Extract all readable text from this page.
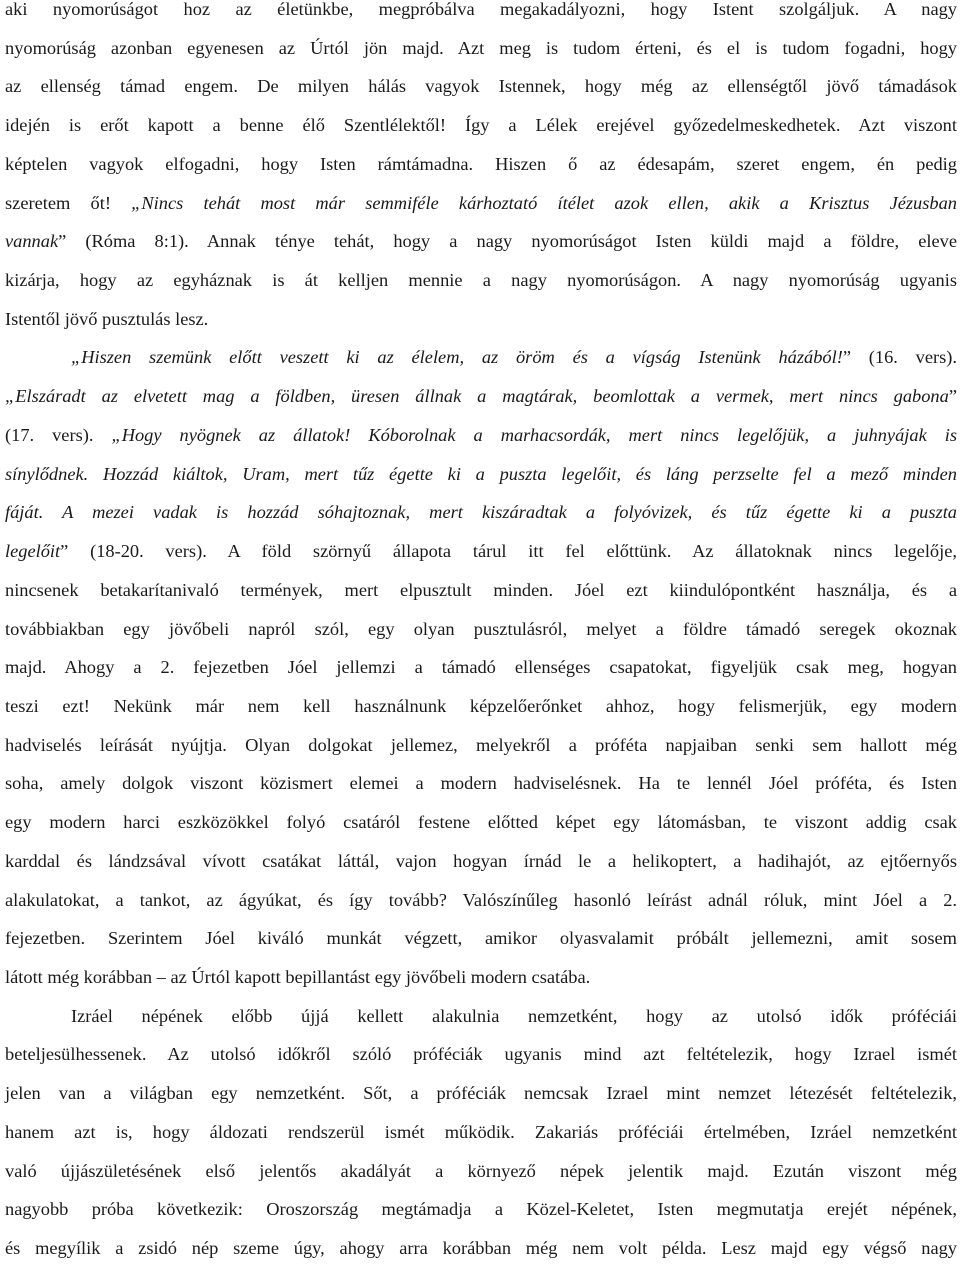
aki nyomorúságot hoz az életünkbe, megpróbálva megakadályozni, hogy Istent szolgáljuk. A nagy
nyomorúság azonban egyenesen az Úrtól jön majd. Azt meg is tudom érteni, és el is tudom fogadni, hogy
az ellenség támad engem. De milyen hálás vagyok Istennek, hogy még az ellenségtől jövő támadások
idején is erőt kapott a benne élő Szentlélektől! Így a Lélek erejével győzedelmeskedhetek. Azt viszont
képtelen vagyok elfogadni, hogy Isten rámtámadna. Hiszen ő az édesapám, szeret engem, én pedig
szeretem őt! „Nincs tehát most már semmiféle kárhoztató ítélet azok ellen, akik a Krisztus Jézusban
vannak” (Róma 8:1). Annak ténye tehát, hogy a nagy nyomorúságot Isten küldi majd a földre, eleve
kizárja, hogy az egyháznak is át kelljen mennie a nagy nyomorúságon. A nagy nyomorúság ugyanis
Istentől jövő pusztulás lesz.
„Hiszen szemünk előtt veszett ki az élelem, az öröm és a vígság Istenünk házából!” (16. vers).
„Elszáradt az elvetett mag a földben, üresen állnak a magtárak, beomlottak a vermek, mert nincs gabona”
(17. vers). „Hogy nyögnek az állatok! Kóborolnak a marhacsordák, mert nincs legelőjük, a juhnyájak is
sínylődnek. Hozzád kiáltok, Uram, mert tűz égette ki a puszta legelőit, és láng perzselte fel a mező minden
fáját. A mezei vadak is hozzád sóhajtoznak, mert kiszáradtak a folyóvizek, és tűz égette ki a puszta
legelőit” (18-20. vers). A föld szörnyű állapota tárul itt fel előttünk. Az állatoknak nincs legelője,
nincsenek betakarítanivaló termények, mert elpusztult minden. Jóel ezt kiindulópontként használja, és a
továbbiakban egy jövőbeli napról szól, egy olyan pusztulásról, melyet a földre támadó seregek okoznak
majd. Ahogy a 2. fejezetben Jóel jellemzi a támadó ellenséges csapatokat, figyeljük csak meg, hogyan
teszi ezt! Nekünk már nem kell használnunk képzelőerőnket ahhoz, hogy felismerjük, egy modern
hadviselés leírását nyújtja. Olyan dolgokat jellemez, melyekről a próféta napjaiban senki sem hallott még
soha, amely dolgok viszont közismert elemei a modern hadviselésnek. Ha te lennél Jóel próféta, és Isten
egy modern harci eszközökkel folyó csatáról festene előtted képet egy látomásban, te viszont addig csak
karddal és lándzsával vívott csatákat láttál, vajon hogyan írnád le a helikoptert, a hadihajót, az ejtőernyős
alakulatokat, a tankot, az ágyúkat, és így tovább? Valószínűleg hasonló leírást adnál róluk, mint Jóel a 2.
fejezetben. Szerintem Jóel kiváló munkát végzett, amikor olyasvalamit próbált jellemezni, amit sosem
látott még korábban – az Úrtól kapott bepillantást egy jövőbeli modern csatába.
Izráel népének előbb újjá kellett alakulnia nemzetként, hogy az utolsó idők próféciái
beteljesülhessenek. Az utolsó időkről szóló próféciák ugyanis mind azt feltételezik, hogy Izrael ismét
jelen van a világban egy nemzetként. Sőt, a próféciák nemcsak Izrael mint nemzet létezését feltételezik,
hanem azt is, hogy áldozati rendszerül ismét működik. Zakariás próféciái értelmében, Izráel nemzetként
való újjászületésének első jelentős akadályát a környező népek jelentik majd. Ezután viszont még
nagyobb próba következik: Oroszország megtámadja a Közel-Keletet, Isten megmutatja erejét népének,
és megyílik a zsidó nép szeme úgy, ahogy arra korábban még nem volt példa. Lesz majd egy végső nagy
